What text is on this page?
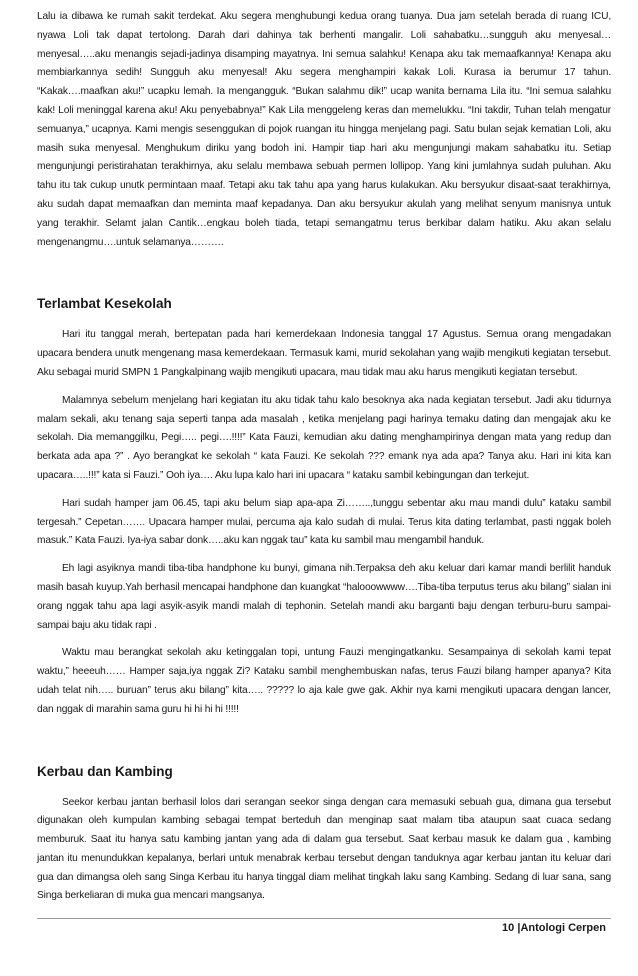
Lalu ia dibawa ke rumah sakit terdekat. Aku segera menghubungi kedua orang tuanya. Dua jam setelah berada di ruang ICU, nyawa Loli tak dapat tertolong. Darah dari dahinya tak berhenti mangalir. Loli sahabatku…sungguh aku menyesal…menyesal…..aku menangis sejadi-jadinya disamping mayatnya. Ini semua salahku! Kenapa aku tak memaafkannya! Kenapa aku membiarkannya sedih! Sungguh aku menyesal! Aku segera menghampiri kakak Loli. Kurasa ia berumur 17 tahun. “Kakak….maafkan aku!” ucapku lemah. Ia mengangguk. “Bukan salahmu dik!” ucap wanita bernama Lila itu. “Ini semua salahku kak! Loli meninggal karena aku! Aku penyebabnya!” Kak Lila menggeleng keras dan memelukku. “Ini takdir, Tuhan telah mengatur semuanya,” ucapnya. Kami mengis sesenggukan di pojok ruangan itu hingga menjelang pagi. Satu bulan sejak kematian Loli, aku masih suka menyesal. Menghukum diriku yang bodoh ini. Hampir tiap hari aku mengunjungi makam sahabatku itu. Setiap mengunjungi peristirahatan terakhirnya, aku selalu membawa sebuah permen lollipop. Yang kini jumlahnya sudah puluhan. Aku tahu itu tak cukup unutk permintaan maaf. Tetapi aku tak tahu apa yang harus kulakukan. Aku bersyukur disaat-saat terakhirnya, aku sudah dapat memaafkan dan meminta maaf kepadanya. Dan aku bersyukur akulah yang melihat senyum manisnya untuk yang terakhir. Selamt jalan Cantik…engkau boleh tiada, tetapi semangatmu terus berkibar dalam hatiku. Aku akan selalu mengenangmu….untuk selamanya……….

Terlambat Kesekolah

Hari itu tanggal merah, bertepatan pada hari kemerdekaan Indonesia tanggal 17 Agustus. Semua orang mengadakan upacara bendera unutk mengenang masa kemerdekaan. Termasuk kami, murid sekolahan yang wajib mengikuti kegiatan tersebut. Aku sebagai murid SMPN 1 Pangkalpinang wajib mengikuti upacara, mau tidak mau aku harus mengikuti kegiatan tersebut.

Malamnya sebelum menjelang hari kegiatan itu aku tidak tahu kalo besoknya aka nada kegiatan tersebut. Jadi aku tidurnya malam sekali, aku tenang saja seperti tanpa ada masalah , ketika menjelang pagi harinya temaku dating dan mengajak aku ke sekolah. Dia memanggilku, Pegi….. pegi….!!!!” Kata Fauzi, kemudian aku dating menghampirinya dengan mata yang redup dan berkata ada apa ?” . Ayo berangkat ke sekolah “ kata Fauzi. Ke sekolah ??? emank nya ada apa? Tanya aku. Hari ini kita kan upacara…..!!!” kata si Fauzi.” Ooh iya…. Aku lupa kalo hari ini upacara “ kataku sambil kebingungan dan terkejut.

Hari sudah hamper jam 06.45, tapi aku belum siap apa-apa Zi……..,tunggu sebentar aku mau mandi dulu” kataku sambil tergesah.” Cepetan……. Upacara hamper mulai, percuma aja kalo sudah di mulai. Terus kita dating terlambat, pasti nggak boleh masuk.” Kata Fauzi. Iya-iya sabar donk…..aku kan nggak tau” kata ku sambil mau mengambil handuk.

Eh lagi asyiknya mandi tiba-tiba handphone ku bunyi, gimana nih.Terpaksa deh aku keluar dari kamar mandi berlilit handuk masih basah kuyup.Yah berhasil mencapai handphone dan kuangkat “halooowwww….Tiba-tiba terputus terus aku bilang” sialan ini orang nggak tahu apa lagi asyik-asyik mandi malah di tephonin. Setelah mandi aku barganti baju dengan terburu-buru sampai-sampai baju aku tidak rapi .

Waktu mau berangkat sekolah aku ketinggalan topi, untung Fauzi mengingatkanku. Sesampainya di sekolah kami tepat waktu,” heeeuh…… Hamper saja,iya nggak Zi? Kataku sambil menghembuskan nafas, terus Fauzi bilang hamper apanya? Kita udah telat nih….. buruan” terus aku bilang” kita….. ????? lo aja kale gwe gak. Akhir nya kami mengikuti upacara dengan lancer, dan nggak di marahin sama guru hi hi hi hi !!!!!

Kerbau dan Kambing

Seekor kerbau jantan berhasil lolos dari serangan seekor singa dengan cara memasuki sebuah gua, dimana gua tersebut digunakan oleh kumpulan kambing sebagai tempat berteduh dan menginap saat malam tiba ataupun saat cuaca sedang memburuk. Saat itu hanya satu kambing jantan yang ada di dalam gua tersebut. Saat kerbau masuk ke dalam gua , kambing jantan itu menundukkan kepalanya, berlari untuk menabrak kerbau tersebut dengan tanduknya agar kerbau jantan itu keluar dari gua dan dimangsa oleh sang Singa Kerbau itu hanya tinggal diam melihat tingkah laku sang Kambing. Sedang di luar sana, sang Singa berkeliaran di muka gua mencari mangsanya.

10 |Antologi Cerpen
